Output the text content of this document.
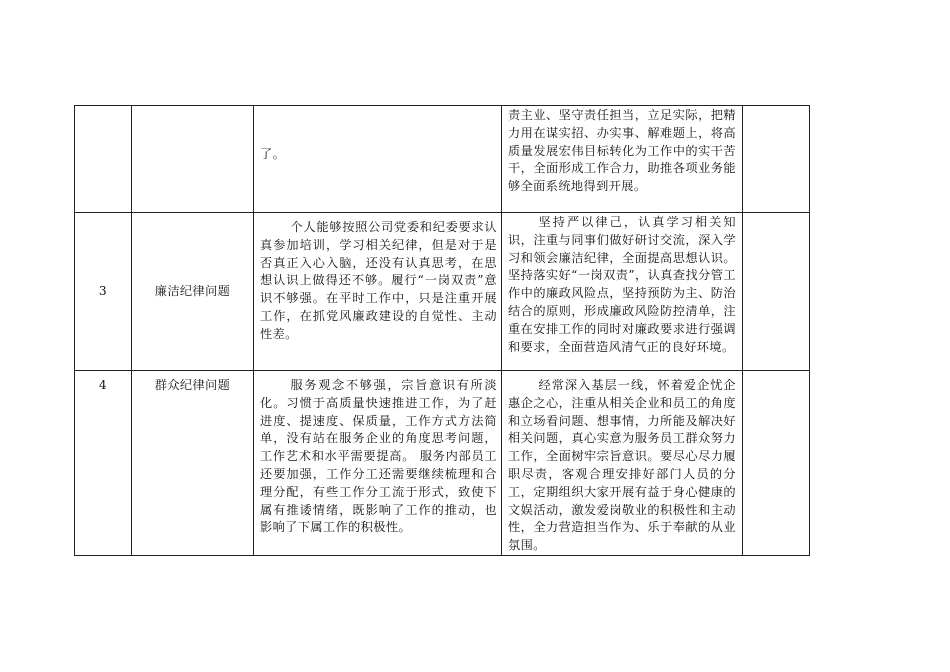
		了。	责主业、坚守责任担当，立足实际，把精力用在谋实招、办实事、解难题上，将高质量发展宏伟目标转化为工作中的实干苦干，全面形成工作合力，助推各项业务能够全面系统地得到开展。	

3	廉洁纪律问题	个人能够按照公司党委和纪委要求认真参加培训，学习相关纪律，但是对于是否真正入心入脑，还没有认真思考，在思想认识上做得还不够。履行“一岗双责”意识不够强。在平时工作中，只是注重开展工作，在抓党风廉政建设的自觉性、主动性差。	坚持严以律己，认真学习相关知识，注重与同事们做好研讨交流，深入学习和领会廉洁纪律，全面提高思想认识。坚持落实好“一岗双责”，认真查找分管工作中的廉政风险点，坚持预防为主、防治结合的原则，形成廉政风险防控清单，注重在安排工作的同时对廉政要求进行强调和要求，全面营造风清气正的良好环境。	

4	群众纪律问题	服务观念不够强，宗旨意识有所淡化。习惯于高质量快速推进工作，为了赶进度、提速度、保质量，工作方式方法简单，没有站在服务企业的角度思考问题，工作艺术和水平需要提高。 服务内部员工还要加强，工作分工还需要继续梳理和合理分配，有些工作分工流于形式，致使下属有推诿情绪，既影响了工作的推动，也影响了下属工作的积极性。	经常深入基层一线，怀着爱企忧企惠企之心，注重从相关企业和员工的角度和立场看问题、想事情，力所能及解决好相关问题，真心实意为服务员工群众努力工作，全面树牢宗旨意识。要尽心尽力履职尽责，客观合理安排好部门人员的分工，定期组织大家开展有益于身心健康的文娱活动，激发爱岗敬业的积极性和主动性，全力营造担当作为、乐于奉献的从业氛围。	
